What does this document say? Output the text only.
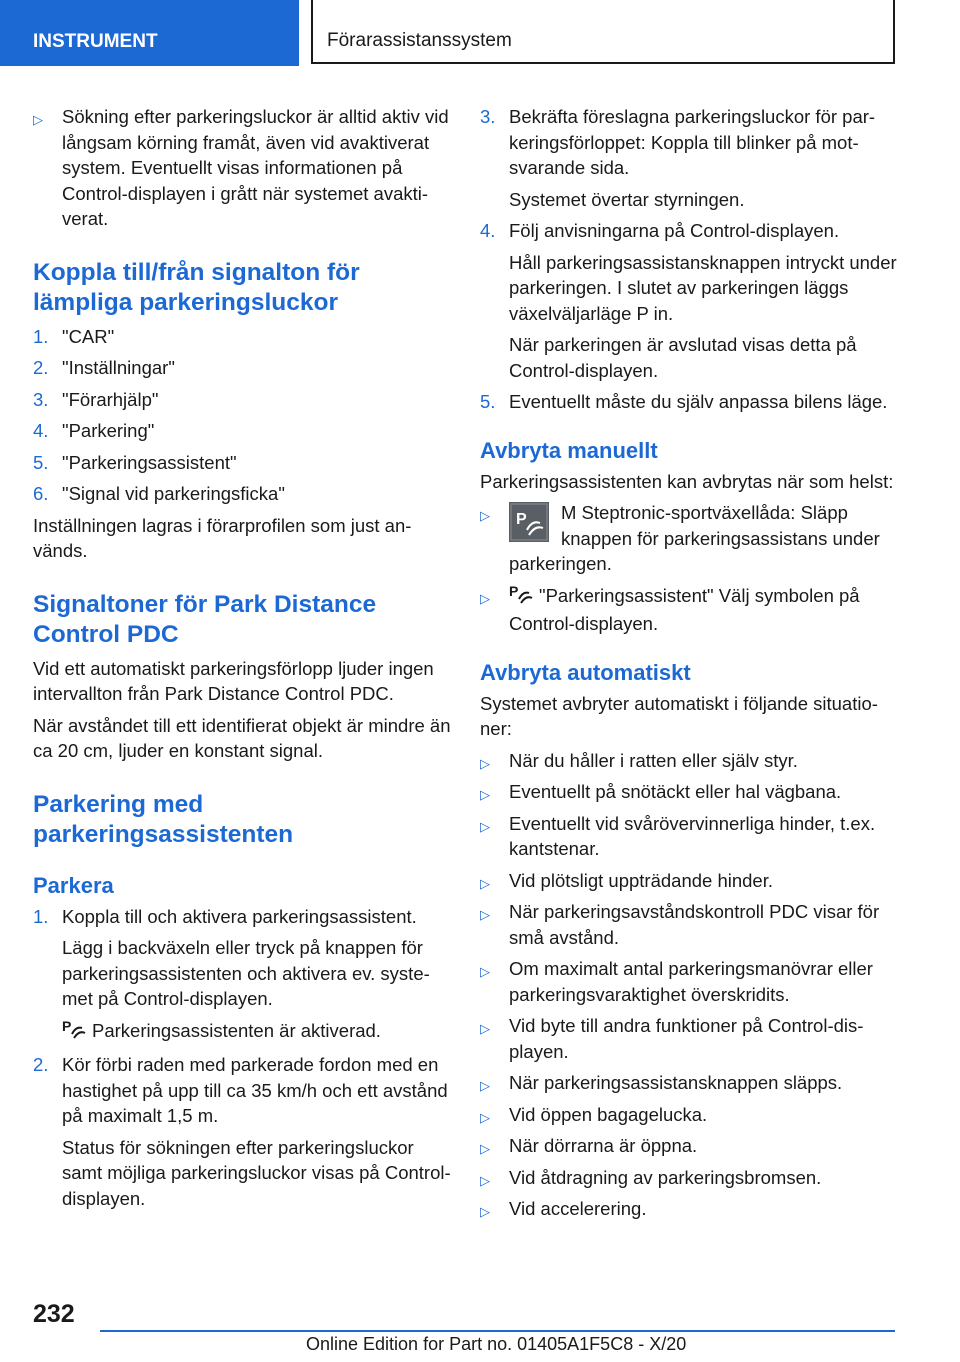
INSTRUMENT	Förarassistanssystem
▷ Sökning efter parkeringsluckor är alltid aktiv vid långsam körning framåt, även vid avaktiverat system. Eventuellt visas informationen på Control-displayen i grått när systemet avaktiverat.
Koppla till/från signalton för lämpliga parkeringsluckor
1. "CAR"
2. "Inställningar"
3. "Förarhjälp"
4. "Parkering"
5. "Parkeringsassistent"
6. "Signal vid parkeringsficka"
Inställningen lagras i förarprofilen som just används.
Signaltoner för Park Distance Control PDC
Vid ett automatiskt parkeringsförlopp ljuder ingen intervallton från Park Distance Control PDC.
När avståndet till ett identifierat objekt är mindre än ca 20 cm, ljuder en konstant signal.
Parkering med parkeringsassistenten
Parkera
1. Koppla till och aktivera parkeringsassistent.
Lägg i backväxeln eller tryck på knappen för parkeringsassistenten och aktivera ev. systemet på Control-displayen.
P Parkeringsassistenten är aktiverad.
2. Kör förbi raden med parkerade fordon med en hastighet på upp till ca 35 km/h och ett avstånd på maximalt 1,5 m.
Status för sökningen efter parkeringsluckor samt möjliga parkeringsluckor visas på Control-displayen.
3. Bekräfta föreslagna parkeringsluckor för parkeringsförloppet: Koppla till blinker på motsvarande sida.
Systemet övertar styrningen.
4. Följ anvisningarna på Control-displayen.
Håll parkeringsassistansknappen intryckt under parkeringen. I slutet av parkeringen läggs växelväljarläge P in.
När parkeringen är avslutad visas detta på Control-displayen.
5. Eventuellt måste du själv anpassa bilens läge.
Avbryta manuellt
Parkeringsassistenten kan avbrytas när som helst:
▷ P M Steptronic-sportväxellåda: Släpp knappen för parkeringsassistans under parkeringen.
▷ P "Parkeringsassistent" Välj symbolen på Control-displayen.
Avbryta automatiskt
Systemet avbryter automatiskt i följande situationer:
▷ När du håller i ratten eller själv styr.
▷ Eventuellt på snötäckt eller hal vägbana.
▷ Eventuellt vid svårövervinnerliga hinder, t.ex. kantstenar.
▷ Vid plötsligt uppträdande hinder.
▷ När parkeringsavståndskontroll PDC visar för små avstånd.
▷ Om maximalt antal parkeringsmanövrar eller parkeringsvaraktighet överskridits.
▷ Vid byte till andra funktioner på Control-displayen.
▷ När parkeringsassistansknappen släpps.
▷ Vid öppen bagagelucka.
▷ När dörrarna är öppna.
▷ Vid åtdragning av parkeringsbromsen.
▷ Vid accelerering.
232
Online Edition for Part no. 01405A1F5C8 - X/20
